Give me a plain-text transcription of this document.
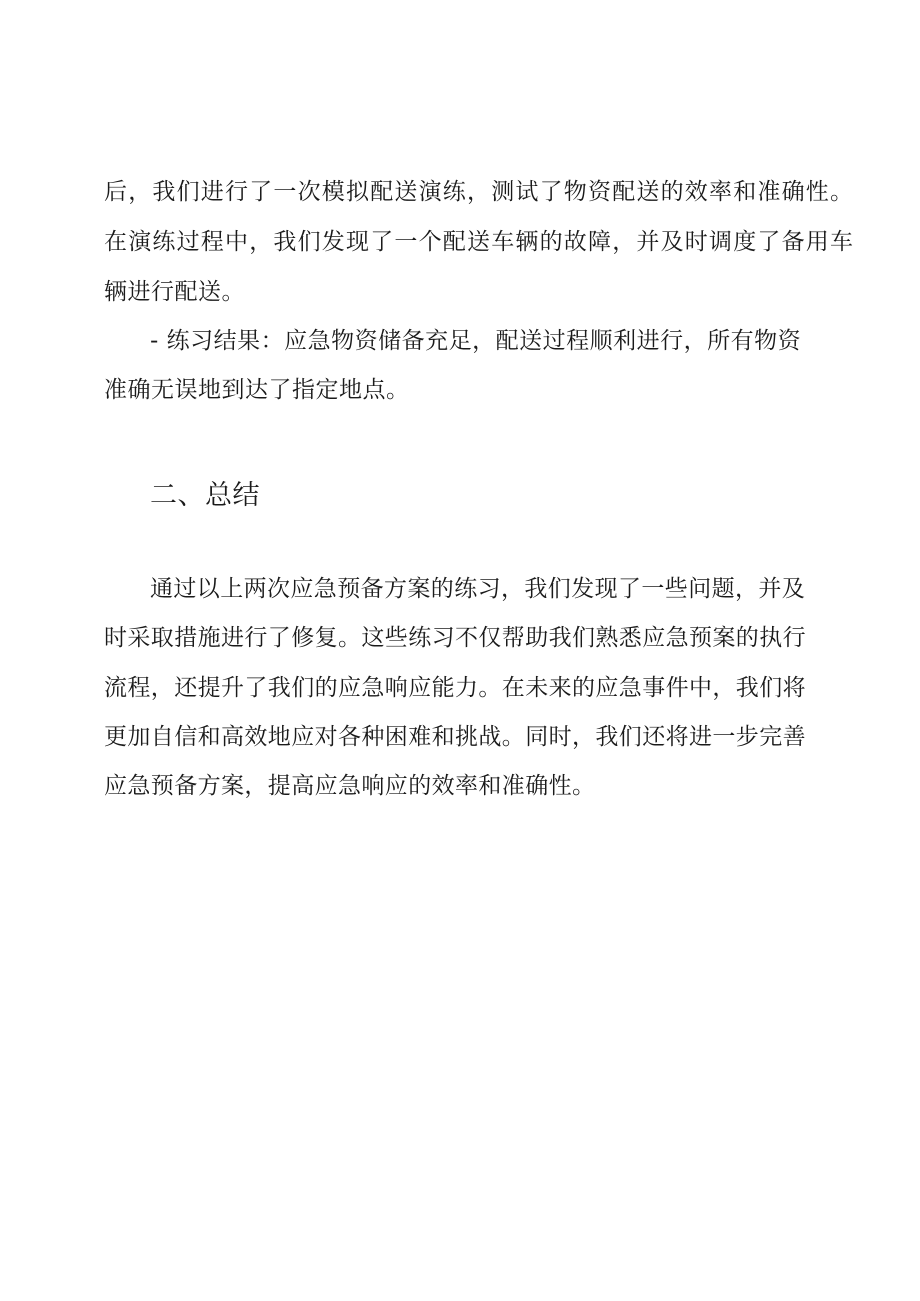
后，我们进行了一次模拟配送演练，测试了物资配送的效率和准确性。
在演练过程中，我们发现了一个配送车辆的故障，并及时调度了备用车
辆进行配送。
- 练习结果：应急物资储备充足，配送过程顺利进行，所有物资
准确无误地到达了指定地点。
二、总结
通过以上两次应急预备方案的练习，我们发现了一些问题，并及
时采取措施进行了修复。这些练习不仅帮助我们熟悉应急预案的执行
流程，还提升了我们的应急响应能力。在未来的应急事件中，我们将
更加自信和高效地应对各种困难和挑战。同时，我们还将进一步完善
应急预备方案，提高应急响应的效率和准确性。
